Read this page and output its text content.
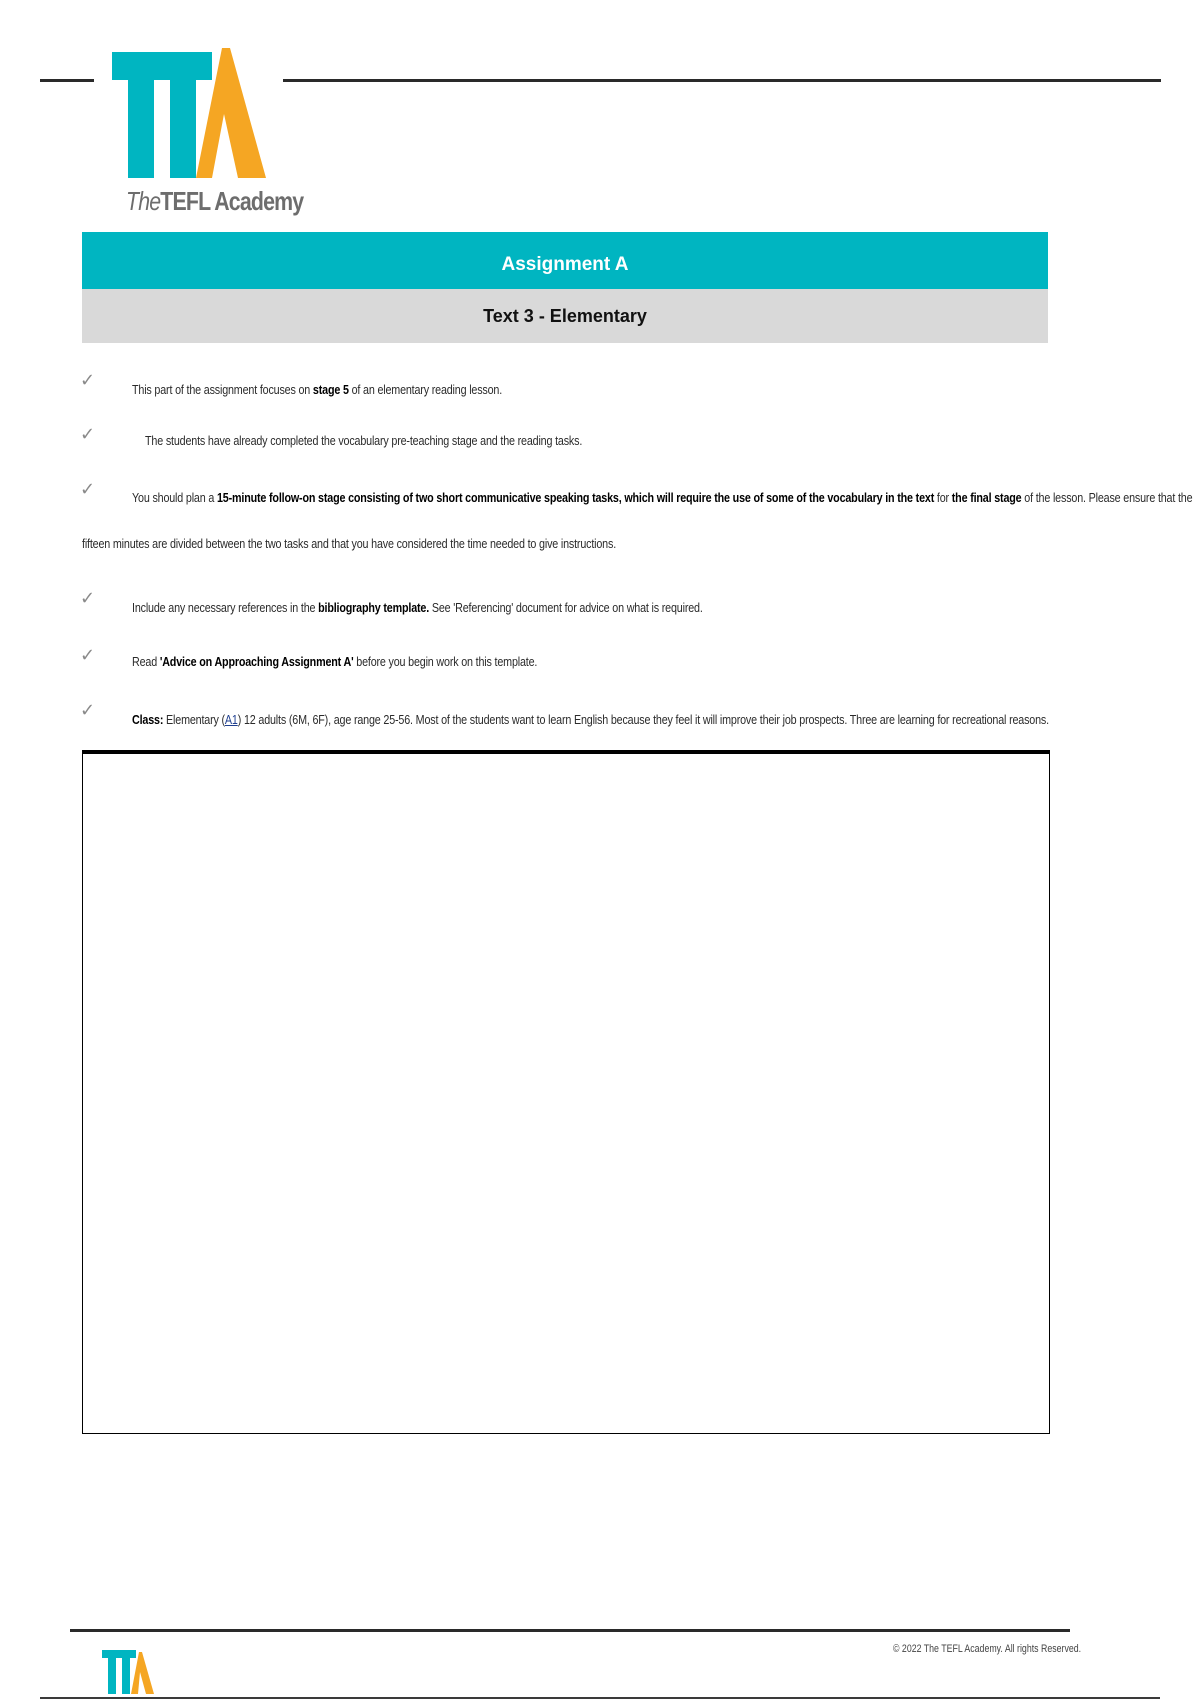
TheTEFL Academy
Assignment A
Text 3 - Elementary
✓	This part of the assignment focuses on stage 5 of an elementary reading lesson.
✓	The students have already completed the vocabulary pre-teaching stage and the reading tasks.
✓	You should plan a 15-minute follow-on stage consisting of two short communicative speaking tasks, which will require the use of some of the vocabulary in the text for the final stage of the lesson. Please ensure that the
fifteen minutes are divided between the two tasks and that you have considered the time needed to give instructions.
✓	Include any necessary references in the bibliography template. See 'Referencing' document for advice on what is required.
✓	Read 'Advice on Approaching Assignment A' before you begin work on this template.
✓	Class: Elementary (A1) 12 adults (6M, 6F), age range 25-56. Most of the students want to learn English because they feel it will improve their job prospects. Three are learning for recreational reasons.
© 2022 The TEFL Academy. All rights Reserved.
